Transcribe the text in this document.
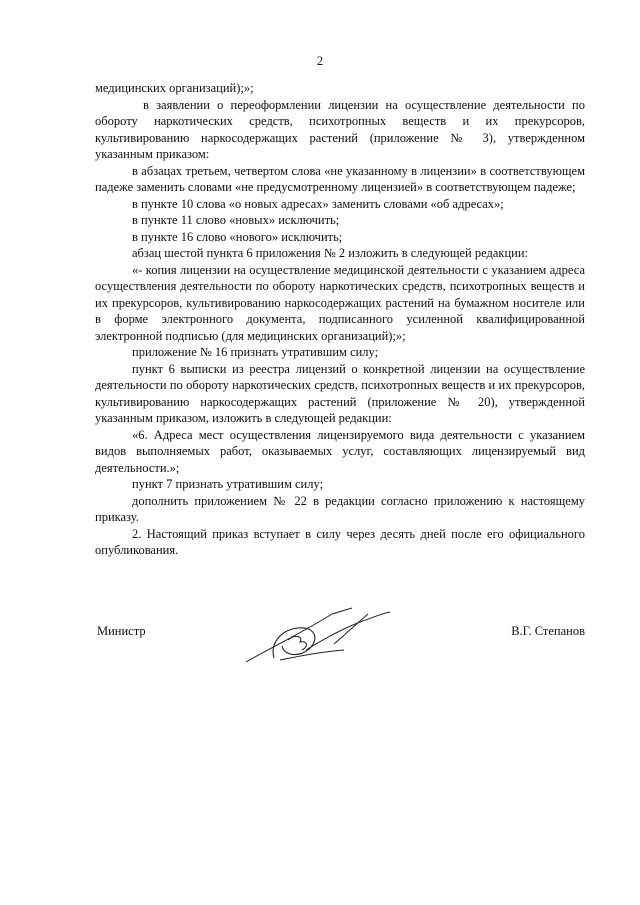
2

медицинских организаций);»;

в заявлении о переоформлении лицензии на осуществление деятельности по обороту наркотических средств, психотропных веществ и их прекурсоров, культивированию наркосодержащих растений (приложение № 3), утвержденном указанным приказом:

в абзацах третьем, четвертом слова «не указанному в лицензии» в соответствующем падеже заменить словами «не предусмотренному лицензией» в соответствующем падеже;

в пункте 10 слова «о новых адресах» заменить словами «об адресах»;

в пункте 11 слово «новых» исключить;

в пункте 16 слово «нового» исключить;

абзац шестой пункта 6 приложения № 2 изложить в следующей редакции:

«- копия лицензии на осуществление медицинской деятельности с указанием адреса осуществления деятельности по обороту наркотических средств, психотропных веществ и их прекурсоров, культивированию наркосодержащих растений на бумажном носителе или в форме электронного документа, подписанного усиленной квалифицированной электронной подписью (для медицинских организаций);»;

приложение № 16 признать утратившим силу;

пункт 6 выписки из реестра лицензий о конкретной лицензии на осуществление деятельности по обороту наркотических средств, психотропных веществ и их прекурсоров, культивированию наркосодержащих растений (приложение № 20), утвержденной указанным приказом, изложить в следующей редакции:

«6. Адреса мест осуществления лицензируемого вида деятельности с указанием видов выполняемых работ, оказываемых услуг, составляющих лицензируемый вид деятельности.»;

пункт 7 признать утратившим силу;

дополнить приложением № 22 в редакции согласно приложению к настоящему приказу.

2. Настоящий приказ вступает в силу через десять дней после его официального опубликования.

Министр	В.Г. Степанов
